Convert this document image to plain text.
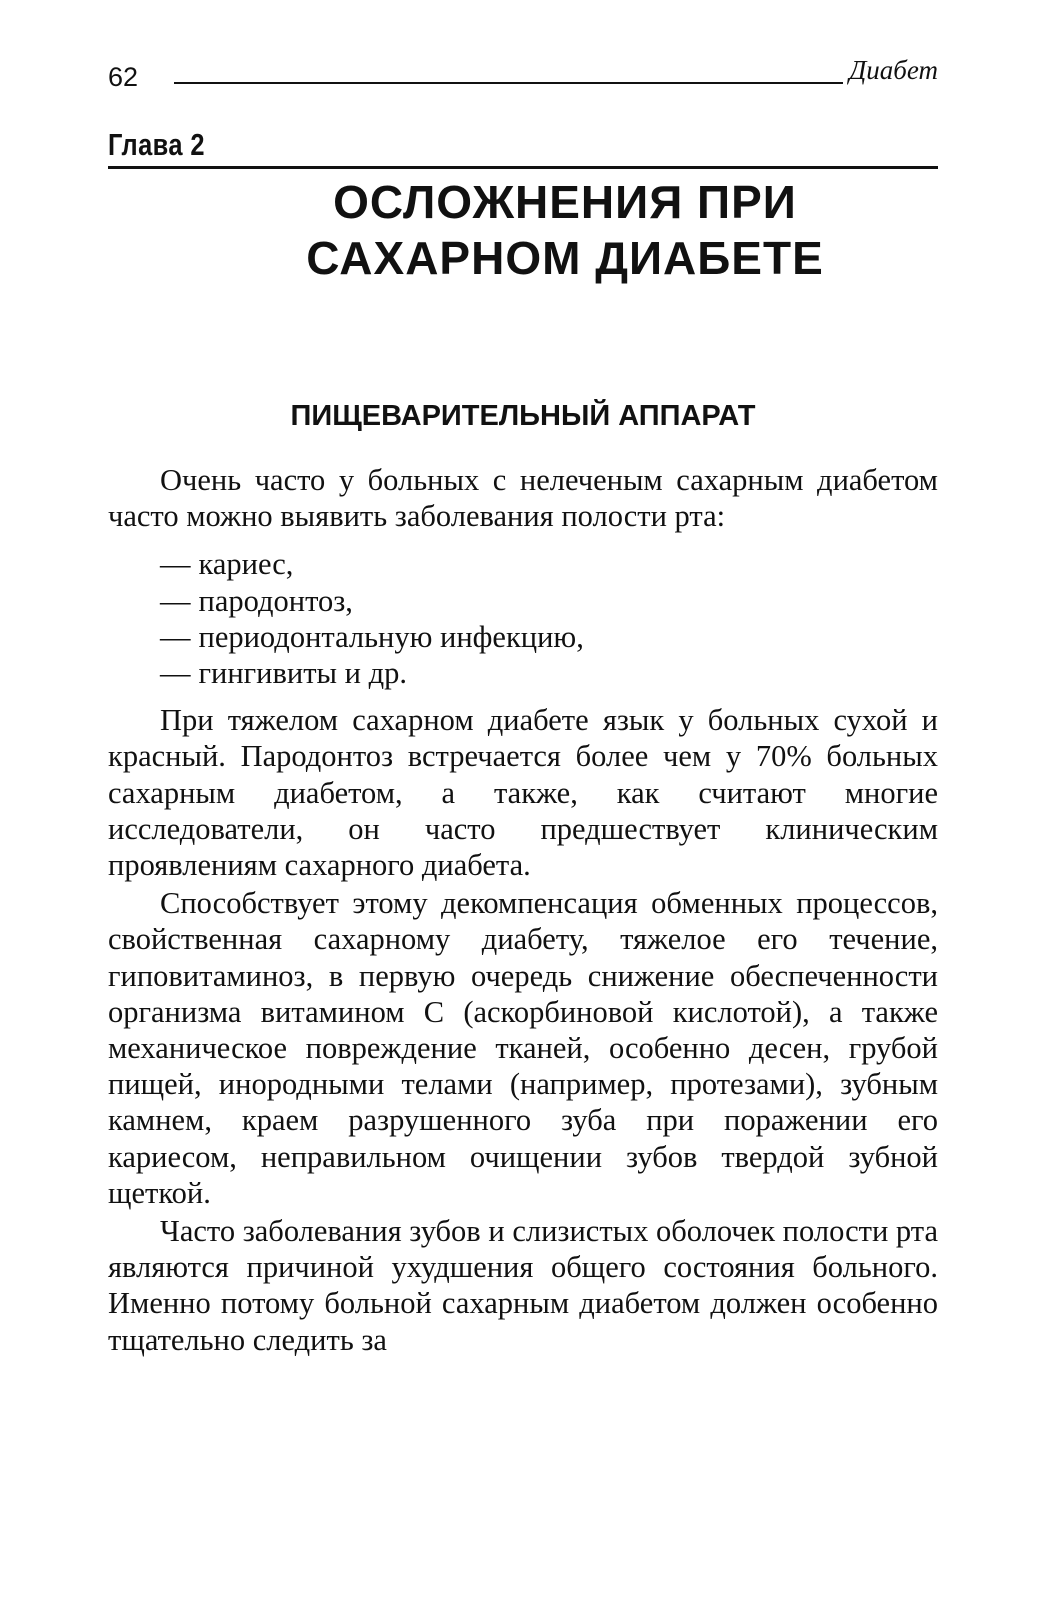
62	Диабет
Глава 2
ОСЛОЖНЕНИЯ ПРИ
САХАРНОМ ДИАБЕТЕ
ПИЩЕВАРИТЕЛЬНЫЙ АППАРАТ

Очень часто у больных с нелеченым сахарным диабетом часто можно выявить заболевания полости рта:

— кариес,
— пародонтоз,
— периодонтальную инфекцию,
— гингивиты и др.

При тяжелом сахарном диабете язык у больных сухой и красный. Пародонтоз встречается более чем у 70% больных сахарным диабетом, а также, как считают многие исследователи, он часто предшествует клиническим проявлениям сахарного диабета.

Способствует этому декомпенсация обменных процессов, свойственная сахарному диабету, тяжелое его течение, гиповитаминоз, в первую очередь снижение обеспеченности организма витамином С (аскорбиновой кислотой), а также механическое повреждение тканей, особенно десен, грубой пищей, инородными телами (например, протезами), зубным камнем, краем разрушенного зуба при поражении его кариесом, неправильном очищении зубов твердой зубной щеткой.

Часто заболевания зубов и слизистых оболочек полости рта являются причиной ухудшения общего состояния больного. Именно потому больной сахарным диабетом должен особенно тщательно следить за
